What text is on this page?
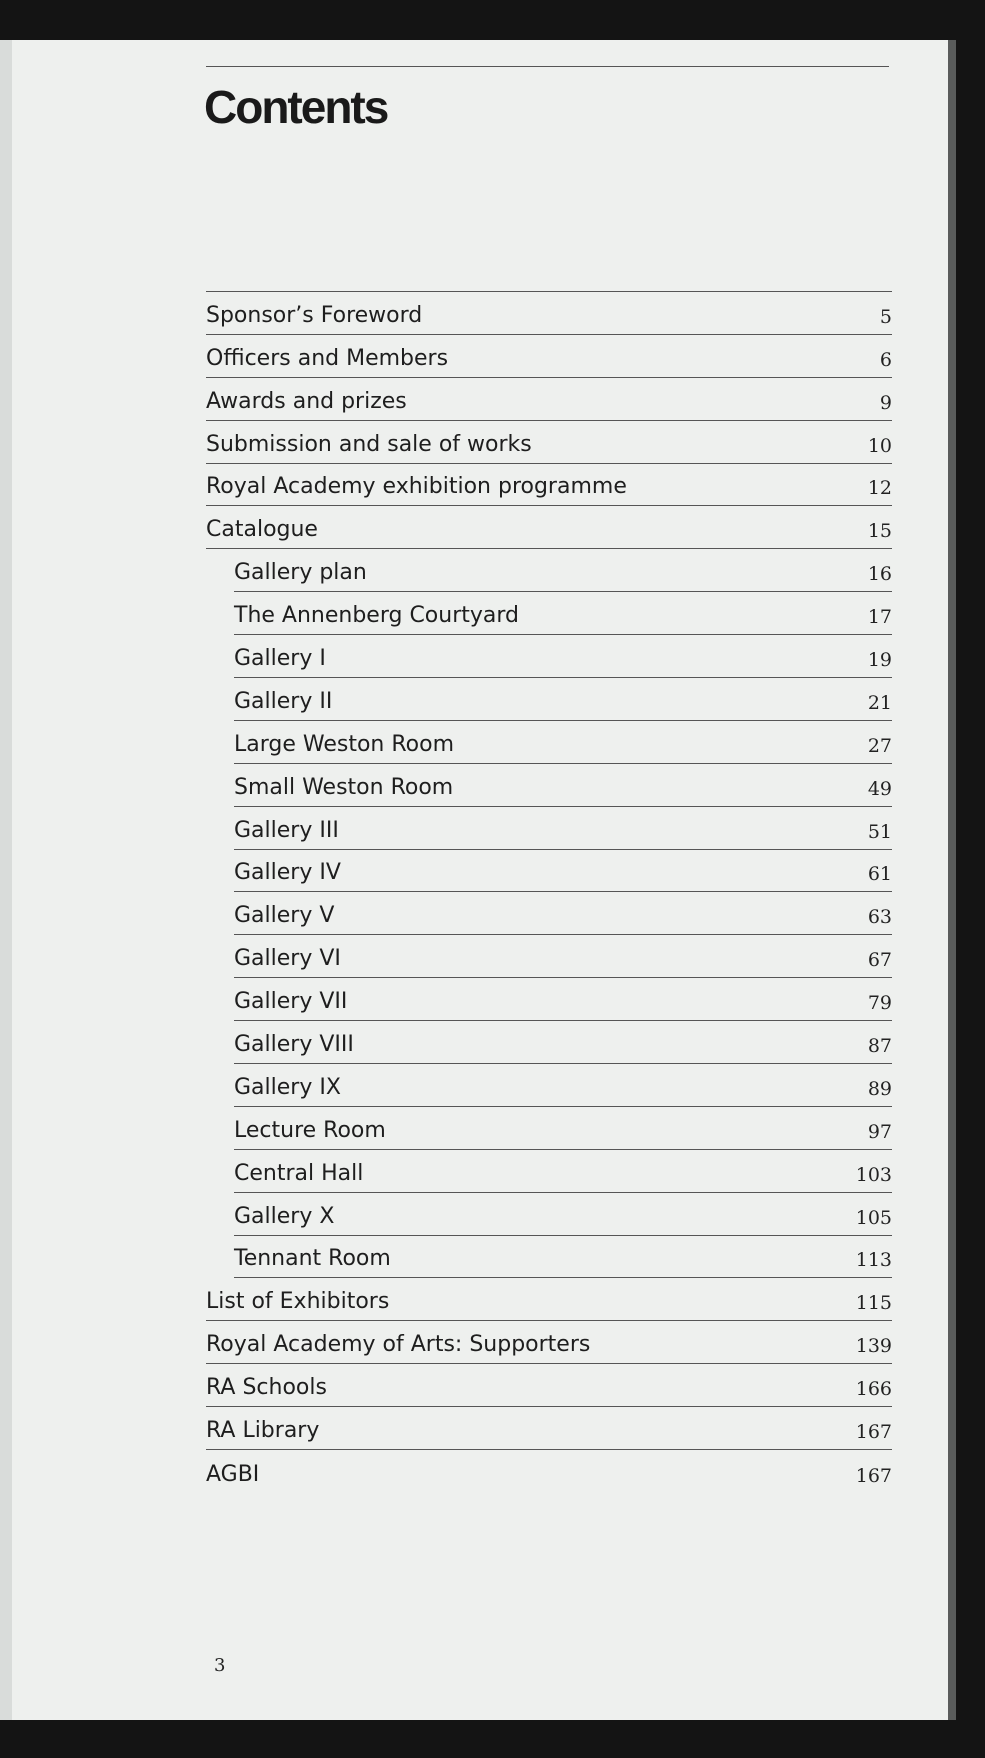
Contents
Sponsor’s Foreword	5
Officers and Members	6
Awards and prizes	9
Submission and sale of works	10
Royal Academy exhibition programme	12
Catalogue	15
Gallery plan	16
The Annenberg Courtyard	17
Gallery I	19
Gallery II	21
Large Weston Room	27
Small Weston Room	49
Gallery III	51
Gallery IV	61
Gallery V	63
Gallery VI	67
Gallery VII	79
Gallery VIII	87
Gallery IX	89
Lecture Room	97
Central Hall	103
Gallery X	105
Tennant Room	113
List of Exhibitors	115
Royal Academy of Arts: Supporters	139
RA Schools	166
RA Library	167
AGBI	167
3
